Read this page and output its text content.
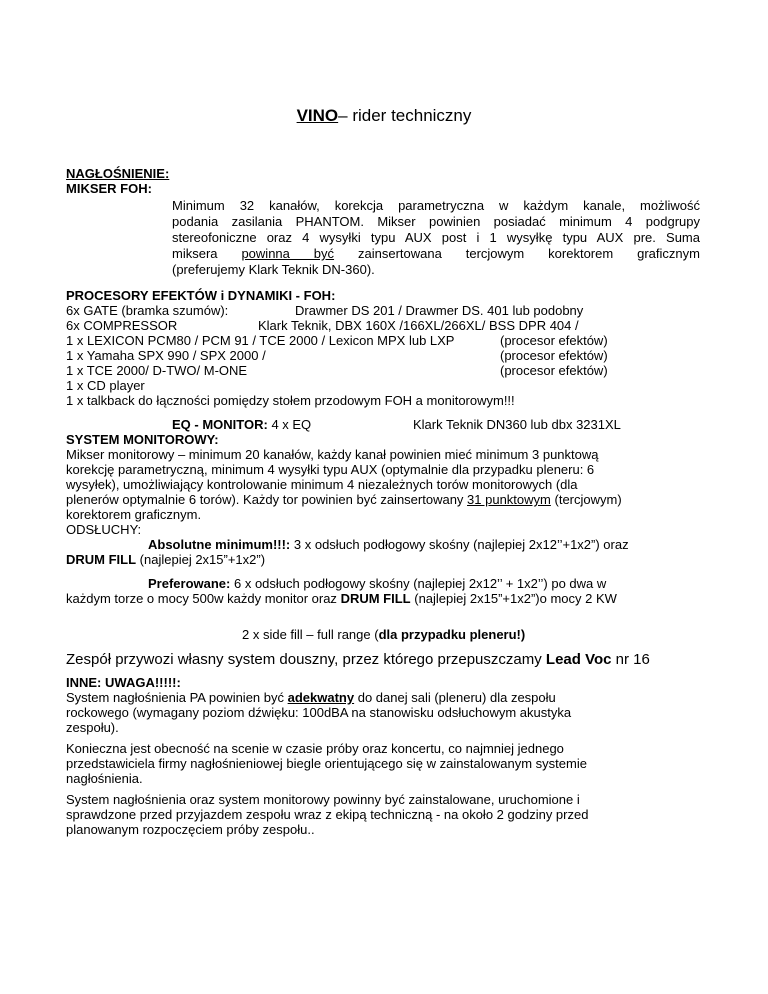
VINO– rider techniczny
NAGŁOŚNIENIE:
MIKSER FOH:
Minimum 32 kanałów, korekcja parametryczna w każdym kanale, możliwość
podania zasilania PHANTOM. Mikser powinien posiadać minimum 4 podgrupy
stereofoniczne oraz 4 wysyłki typu AUX post i 1 wysyłkę typu AUX pre. Suma
miksera powinna być zainsertowana tercjowym korektorem graficznym
(preferujemy Klark Teknik DN-360).
PROCESORY EFEKTÓW i DYNAMIKI - FOH:
6x GATE (bramka szumów):	Drawmer DS 201 / Drawmer DS. 401 lub podobny
6x COMPRESSOR	Klark Teknik, DBX 160X /166XL/266XL/ BSS DPR 404 /
1 x LEXICON PCM80 / PCM 91 / TCE 2000 / Lexicon MPX lub LXP	(procesor efektów)
1 x Yamaha SPX 990 / SPX 2000 /	(procesor efektów)
1 x TCE 2000/ D-TWO/ M-ONE	(procesor efektów)
1 x CD player
1 x talkback do łączności pomiędzy stołem przodowym FOH a monitorowym!!!
EQ - MONITOR: 4 x EQ	Klark Teknik DN360 lub dbx 3231XL
SYSTEM MONITOROWY:
Mikser monitorowy – minimum 20 kanałów, każdy kanał powinien mieć minimum 3 punktową
korekcję parametryczną, minimum 4 wysyłki typu AUX (optymalnie dla przypadku pleneru: 6
wysyłek), umożliwiający kontrolowanie minimum 4 niezależnych torów monitorowych (dla
plenerów optymalnie 6 torów). Każdy tor powinien być zainsertowany 31 punktowym (tercjowym)
korektorem graficznym.
ODSŁUCHY:
Absolutne minimum!!!: 3 x odsłuch podłogowy skośny (najlepiej 2x12’’+1x2”) oraz
DRUM FILL (najlepiej 2x15”+1x2”)
Preferowane: 6 x odsłuch podłogowy skośny (najlepiej 2x12’’ + 1x2’’) po dwa w
każdym torze o mocy 500w każdy monitor oraz DRUM FILL (najlepiej 2x15”+1x2”)o mocy 2 KW
2 x side fill – full range (dla przypadku pleneru!)
Zespół przywozi własny system douszny, przez którego przepuszczamy Lead Voc nr 16
INNE: UWAGA!!!!!:
System nagłośnienia PA powinien być adekwatny do danej sali (pleneru) dla zespołu
rockowego (wymagany poziom dźwięku: 100dBA na stanowisku odsłuchowym akustyka
zespołu).
Konieczna jest obecność na scenie w czasie próby oraz koncertu, co najmniej jednego
przedstawiciela firmy nagłośnieniowej biegle orientującego się w zainstalowanym systemie
nagłośnienia.
System nagłośnienia oraz system monitorowy powinny być zainstalowane, uruchomione i
sprawdzone przed przyjazdem zespołu wraz z ekipą techniczną - na około 2 godziny przed
planowanym rozpoczęciem próby zespołu..
